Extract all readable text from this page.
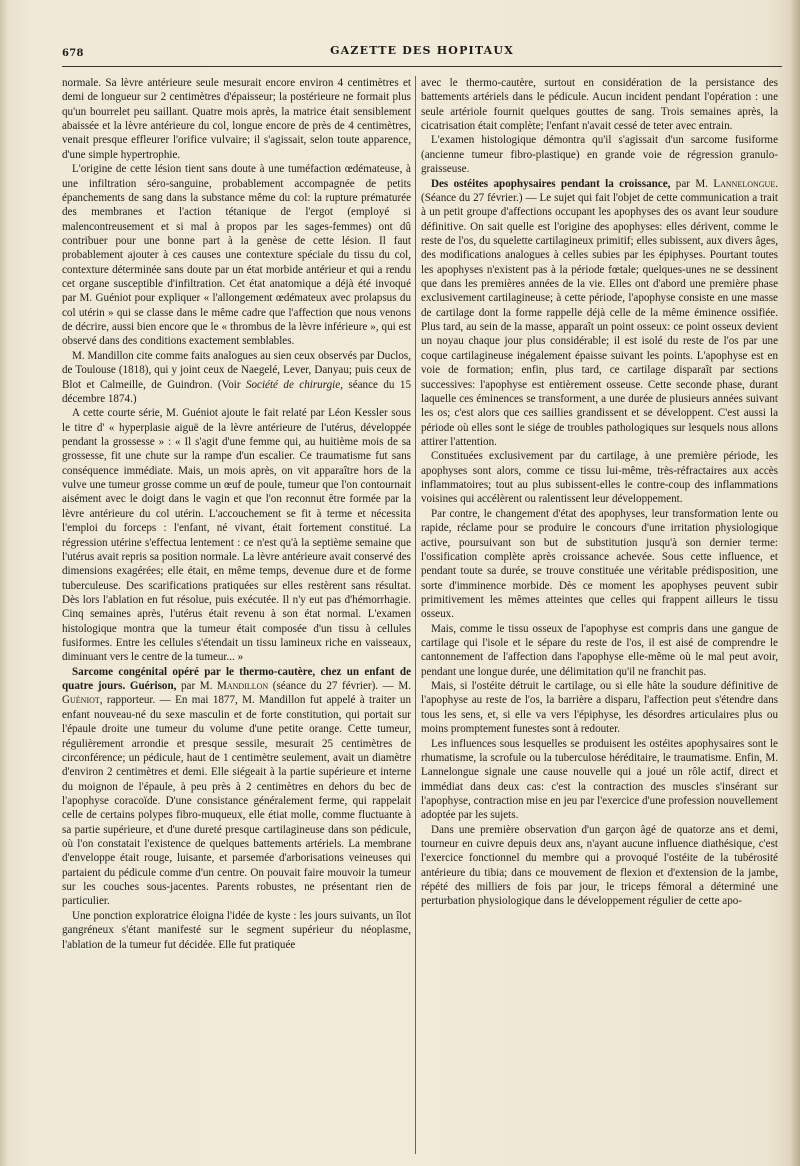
678	GAZETTE DES HOPITAUX

normale. Sa lèvre antérieure seule mesurait encore environ 4 centimètres et demi de longueur sur 2 centimètres d'épaisseur; la postérieure ne formait plus qu'un bourrelet peu saillant. Quatre mois après, la matrice était sensiblement abaissée et la lèvre antérieure du col, longue encore de près de 4 centimètres, venait presque effleurer l'orifice vulvaire; il s'agissait, selon toute apparence, d'une simple hypertrophie.

L'origine de cette lésion tient sans doute à une tuméfaction œdémateuse, à une infiltration séro-sanguine, probablement accompagnée de petits épanchements de sang dans la substance même du col: la rupture prématurée des membranes et l'action tétanique de l'ergot (employé si malencontreusement et si mal à propos par les sages-femmes) ont dû contribuer pour une bonne part à la genèse de cette lésion. Il faut probablement ajouter à ces causes une contexture spéciale du tissu du col, contexture déterminée sans doute par un état morbide antérieur et qui a rendu cet organe susceptible d'infiltration. Cet état anatomique a déjà été invoqué par M. Guéniot pour expliquer « l'allongement œdémateux avec prolapsus du col utérin » qui se classe dans le même cadre que l'affection que nous venons de décrire, aussi bien encore que le « thrombus de la lèvre inférieure », qui est observé dans des conditions exactement semblables.

M. Mandillon cite comme faits analogues au sien ceux observés par Duclos, de Toulouse (1818), qui y joint ceux de Naegelé, Lever, Danyau; puis ceux de Blot et Calmeille, de Guindron. (Voir Société de chirurgie, séance du 15 décembre 1874.)

A cette courte série, M. Guéniot ajoute le fait relaté par Léon Kessler sous le titre d' « hyperplasie aiguë de la lèvre antérieure de l'utérus, développée pendant la grossesse » : « Il s'agit d'une femme qui, au huitième mois de sa grossesse, fit une chute sur la rampe d'un escalier. Ce traumatisme fut sans conséquence immédiate. Mais, un mois après, on vit apparaître hors de la vulve une tumeur grosse comme un œuf de poule, tumeur que l'on contournait aisément avec le doigt dans le vagin et que l'on reconnut être formée par la lèvre antérieure du col utérin. L'accouchement se fit à terme et nécessita l'emploi du forceps : l'enfant, né vivant, était fortement constitué. La régression utérine s'effectua lentement : ce n'est qu'à la septième semaine que l'utérus avait repris sa position normale. La lèvre antérieure avait conservé des dimensions exagérées; elle était, en même temps, devenue dure et de forme tuberculeuse. Des scarifications pratiquées sur elles restèrent sans résultat. Dès lors l'ablation en fut résolue, puis exécutée. Il n'y eut pas d'hémorrhagie. Cinq semaines après, l'utérus était revenu à son état normal. L'examen histologique montra que la tumeur était composée d'un tissu à cellules fusiformes. Entre les cellules s'étendait un tissu lamineux riche en vaisseaux, diminuant vers le centre de la tumeur... »

Sarcome congénital opéré par le thermo-cautère, chez un enfant de quatre jours. Guérison, par M. Mandillon (séance du 27 février). — M. Guéniot, rapporteur. — En mai 1877, M. Mandillon fut appelé à traiter un enfant nouveau-né du sexe masculin et de forte constitution, qui portait sur l'épaule droite une tumeur du volume d'une petite orange. Cette tumeur, régulièrement arrondie et presque sessile, mesurait 25 centimètres de circonférence; un pédicule, haut de 1 centimètre seulement, avait un diamètre d'environ 2 centimètres et demi. Elle siégeait à la partie supérieure et interne du moignon de l'épaule, à peu près à 2 centimètres en dehors du bec de l'apophyse coracoïde. D'une consistance généralement ferme, qui rappelait celle de certains polypes fibro-muqueux, elle étiat molle, comme fluctuante à sa partie supérieure, et d'une dureté presque cartilagineuse dans son pédicule, où l'on constatait l'existence de quelques battements artériels. La membrane d'enveloppe était rouge, luisante, et parsemée d'arborisations veineuses qui partaient du pédicule comme d'un centre. On pouvait faire mouvoir la tumeur sur les couches sous-jacentes. Parents robustes, ne présentant rien de particulier.

Une ponction exploratrice éloigna l'idée de kyste : les jours suivants, un îlot gangréneux s'étant manifesté sur le segment supérieur du néoplasme, l'ablation de la tumeur fut décidée. Elle fut pratiquée

avec le thermo-cautère, surtout en considération de la persistance des battements artériels dans le pédicule. Aucun incident pendant l'opération : une seule artériole fournit quelques gouttes de sang. Trois semaines après, la cicatrisation était complète; l'enfant n'avait cessé de teter avec entrain.

L'examen histologique démontra qu'il s'agissait d'un sarcome fusiforme (ancienne tumeur fibro-plastique) en grande voie de régression granulo-graisseuse.

Des ostéites apophysaires pendant la croissance, par M. Lannelongue. (Séance du 27 février.) — Le sujet qui fait l'objet de cette communication a trait à un petit groupe d'affections occupant les apophyses des os avant leur soudure définitive. On sait quelle est l'origine des apophyses: elles dérivent, comme le reste de l'os, du squelette cartilagineux primitif; elles subissent, aux divers âges, des modifications analogues à celles subies par les épiphyses. Pourtant toutes les apophyses n'existent pas à la période fœtale; quelques-unes ne se dessinent que dans les premières années de la vie. Elles ont d'abord une première phase exclusivement cartilagineuse; à cette période, l'apophyse consiste en une masse de cartilage dont la forme rappelle déjà celle de la même éminence ossifiée. Plus tard, au sein de la masse, apparaît un point osseux: ce point osseux devient un noyau chaque jour plus considérable; il est isolé du reste de l'os par une coque cartilagineuse inégalement épaisse suivant les points. L'apophyse est en voie de formation; enfin, plus tard, ce cartilage disparaît par sections successives: l'apophyse est entièrement osseuse. Cette seconde phase, durant laquelle ces éminences se transforment, a une durée de plusieurs années suivant les os; c'est alors que ces saillies grandissent et se développent. C'est aussi la période où elles sont le siége de troubles pathologiques sur lesquels nous allons attirer l'attention.

Constituées exclusivement par du cartilage, à une première période, les apophyses sont alors, comme ce tissu lui-même, très-réfractaires aux accès inflammatoires; tout au plus subissent-elles le contre-coup des inflammations voisines qui accélèrent ou ralentissent leur développement.

Par contre, le changement d'état des apophyses, leur transformation lente ou rapide, réclame pour se produire le concours d'une irritation physiologique active, poursuivant son but de substitution jusqu'à son dernier terme: l'ossification complète après croissance achevée. Sous cette influence, et pendant toute sa durée, se trouve constituée une véritable prédisposition, une sorte d'imminence morbide. Dès ce moment les apophyses peuvent subir primitivement les mêmes atteintes que celles qui frappent ailleurs le tissu osseux.

Mais, comme le tissu osseux de l'apophyse est compris dans une gangue de cartilage qui l'isole et le sépare du reste de l'os, il est aisé de comprendre le cantonnement de l'affection dans l'apophyse elle-même où le mal peut avoir, pendant une longue durée, une délimitation qu'il ne franchit pas.

Mais, si l'ostéite détruit le cartilage, ou si elle hâte la soudure définitive de l'apophyse au reste de l'os, la barrière a disparu, l'affection peut s'étendre dans tous les sens, et, si elle va vers l'épiphyse, les désordres articulaires plus ou moins promptement funestes sont à redouter.

Les influences sous lesquelles se produisent les ostéites apophysaires sont le rhumatisme, la scrofule ou la tuberculose héréditaire, le traumatisme. Enfin, M. Lannelongue signale une cause nouvelle qui a joué un rôle actif, direct et immédiat dans deux cas: c'est la contraction des muscles s'insérant sur l'apophyse, contraction mise en jeu par l'exercice d'une profession nouvellement adoptée par les sujets.

Dans une première observation d'un garçon âgé de quatorze ans et demi, tourneur en cuivre depuis deux ans, n'ayant aucune influence diathésique, c'est l'exercice fonctionnel du membre qui a provoqué l'ostéite de la tubérosité antérieure du tibia; dans ce mouvement de flexion et d'extension de la jambe, répété des milliers de fois par jour, le triceps fémoral a déterminé une perturbation physiologique dans le développement régulier de cette apo-
